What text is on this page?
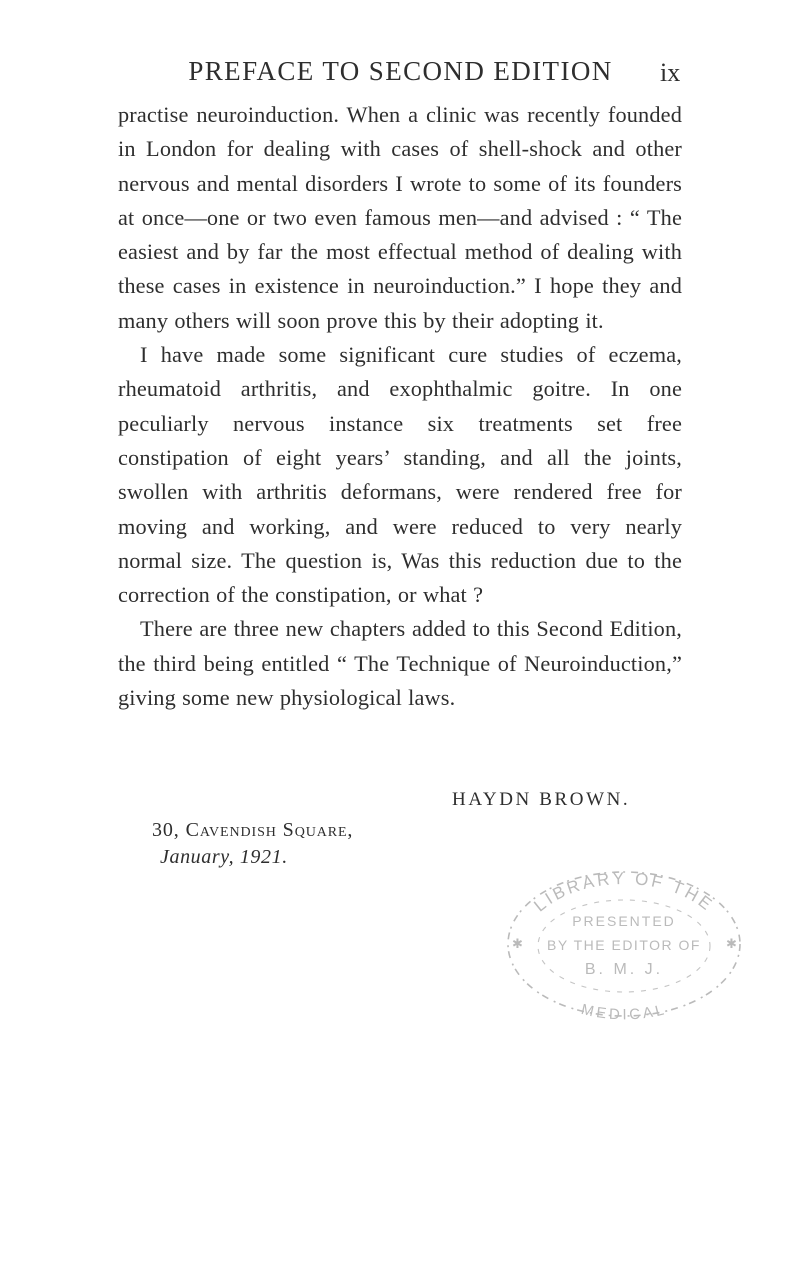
PREFACE TO SECOND EDITION	ix

practise neuroinduction. When a clinic was recently founded in London for dealing with cases of shell-shock and other nervous and mental disorders I wrote to some of its founders at once—one or two even famous men—and advised : “ The easiest and by far the most effectual method of dealing with these cases in existence in neuroinduction.” I hope they and many others will soon prove this by their adopting it.

I have made some significant cure studies of eczema, rheumatoid arthritis, and exophthalmic goitre. In one peculiarly nervous instance six treatments set free constipation of eight years’ standing, and all the joints, swollen with arthritis deformans, were rendered free for moving and working, and were reduced to very nearly normal size. The question is, Was this reduction due to the correction of the constipation, or what ?

There are three new chapters added to this Second Edition, the third being entitled “ The Technique of Neuroinduction,” giving some new physiological laws.

HAYDN BROWN.
30, Cavendish Square,
January, 1921.
LIBRARY OF THE
PRESENTED
BY THE EDITOR OF
B. M. J.
MEDICAL
✱	✱
